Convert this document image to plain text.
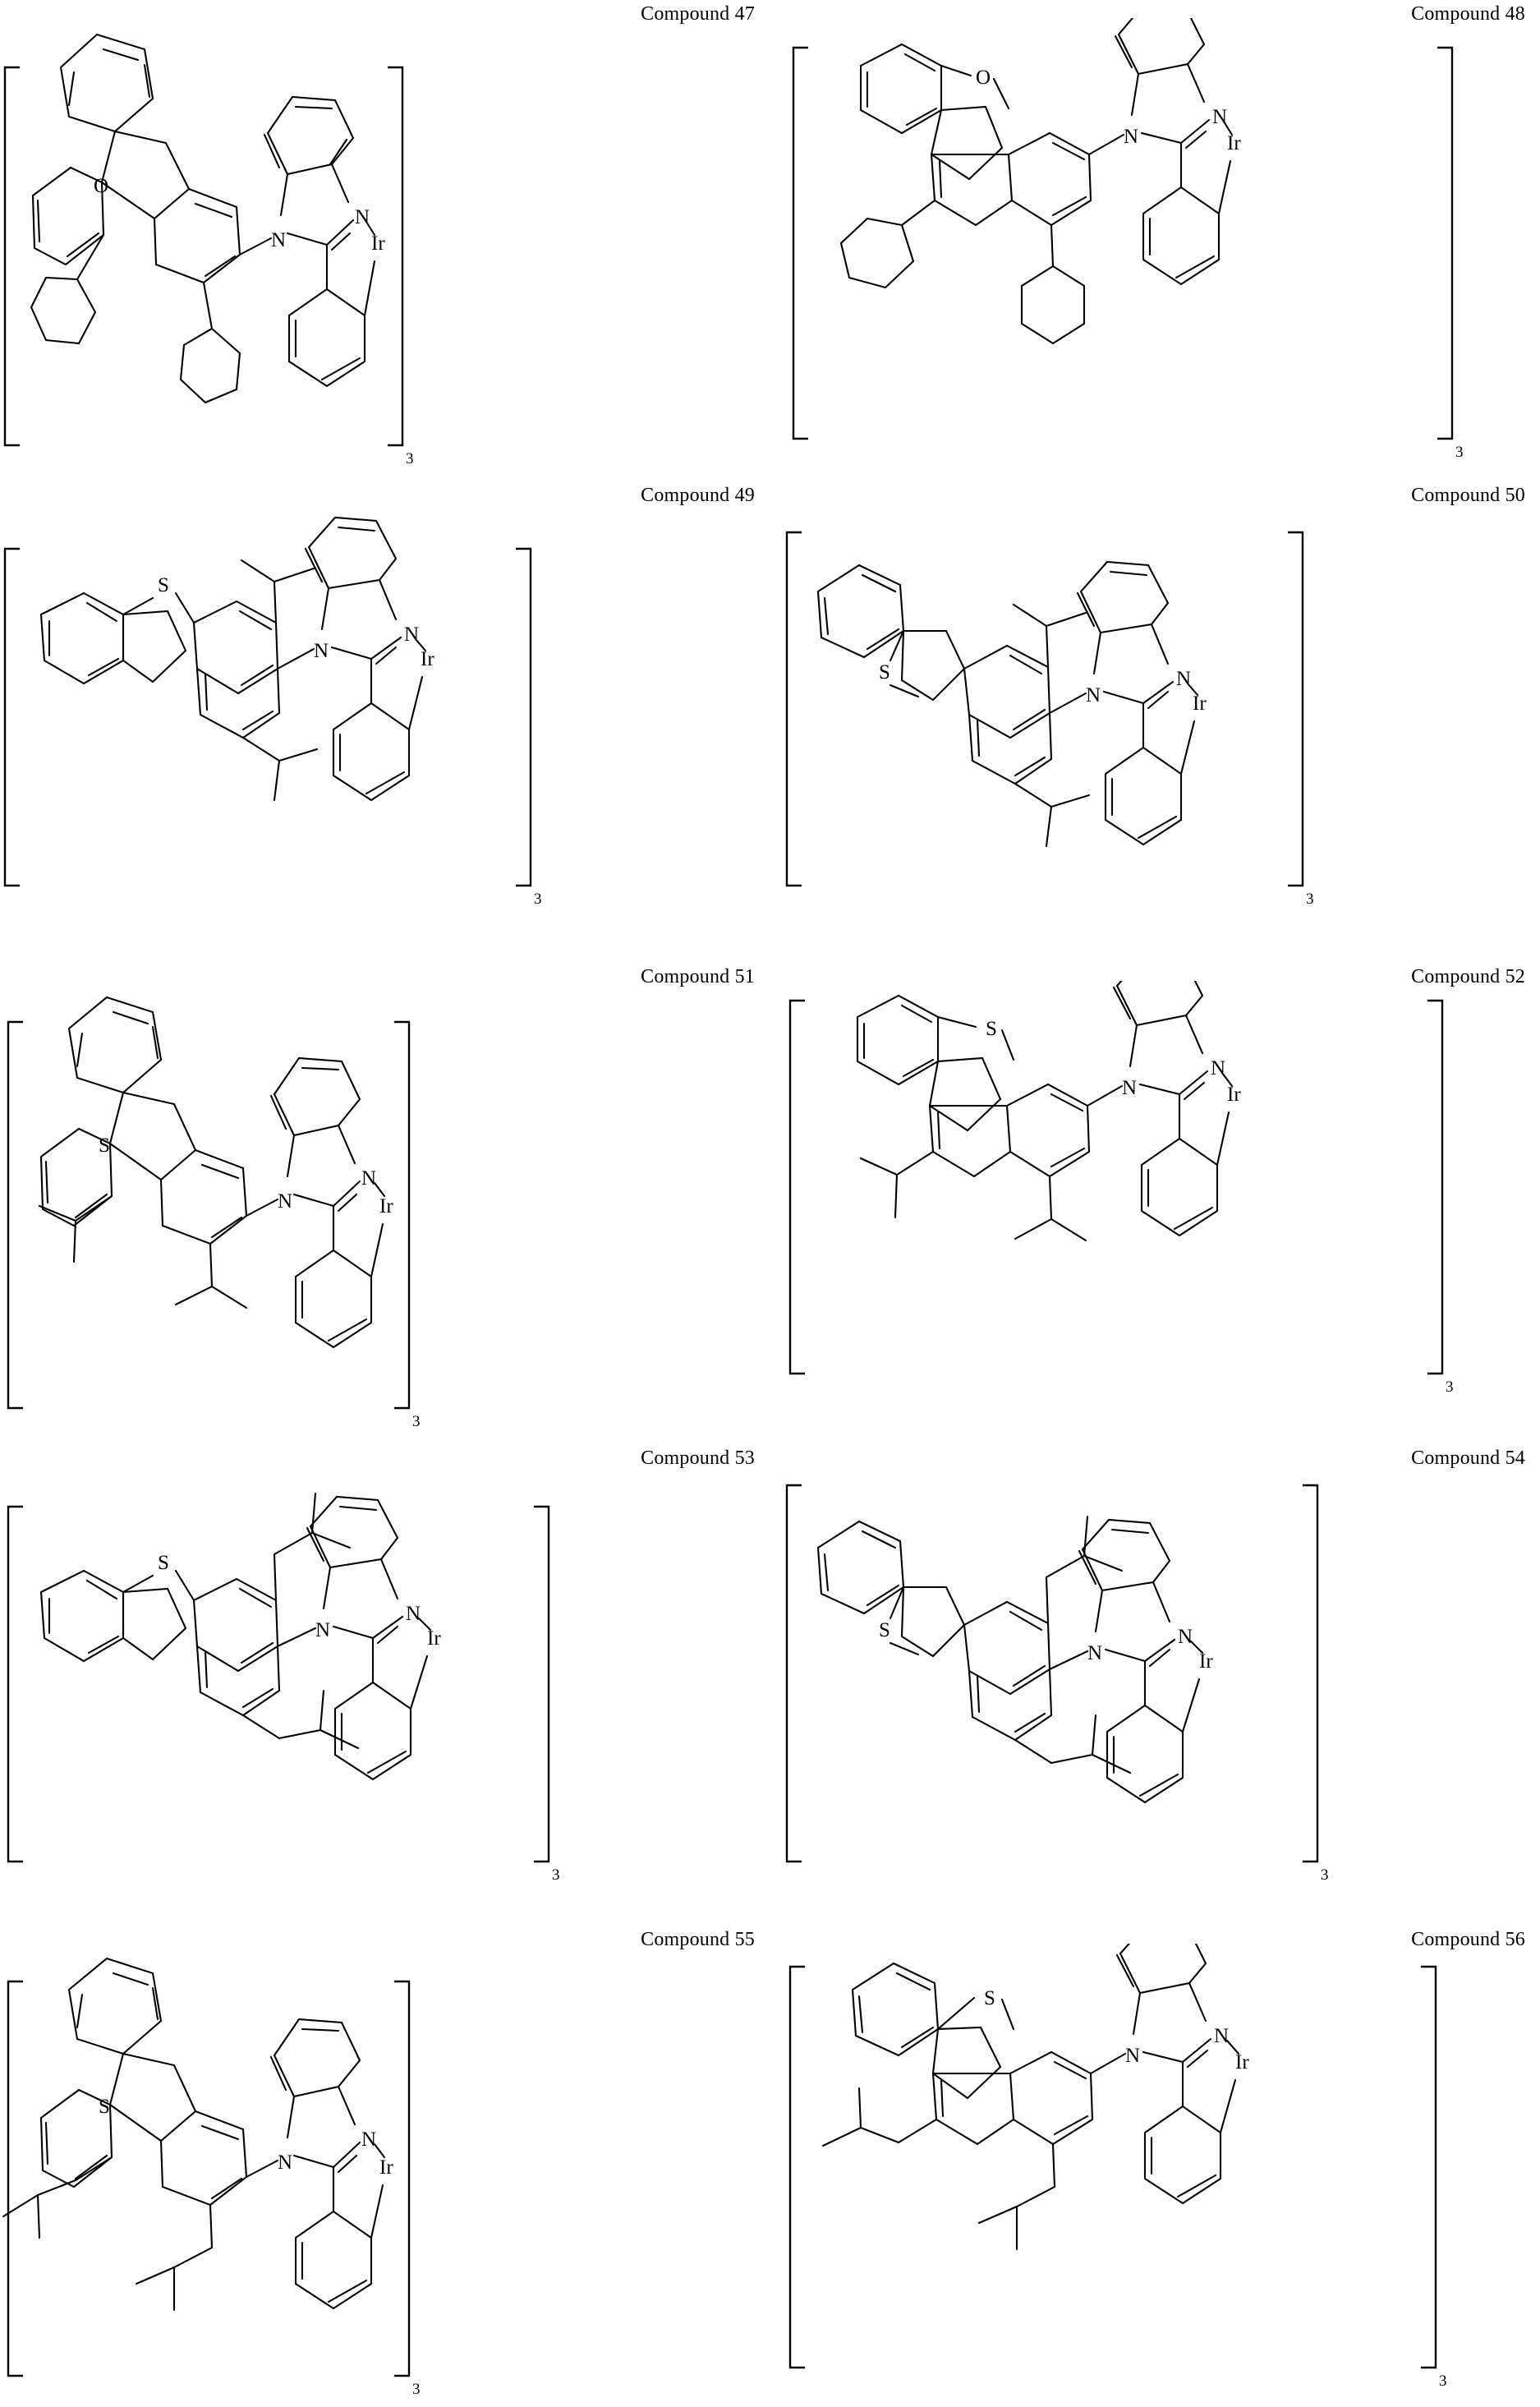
Compound 47
3
O
N
N
Ir
Compound 48
3
O
N
N
Ir
Compound 49
3
S
N
N
Ir
Compound 50
3
S
N
N
Ir
Compound 51
3
S
N
N
Ir
Compound 52
3
S
N
N
Ir
Compound 53
3
S
N
N
Ir
Compound 54
3
S
N
N
Ir
Compound 55
3
S
N
N
Ir
Compound 56
3
S
N
N
Ir
